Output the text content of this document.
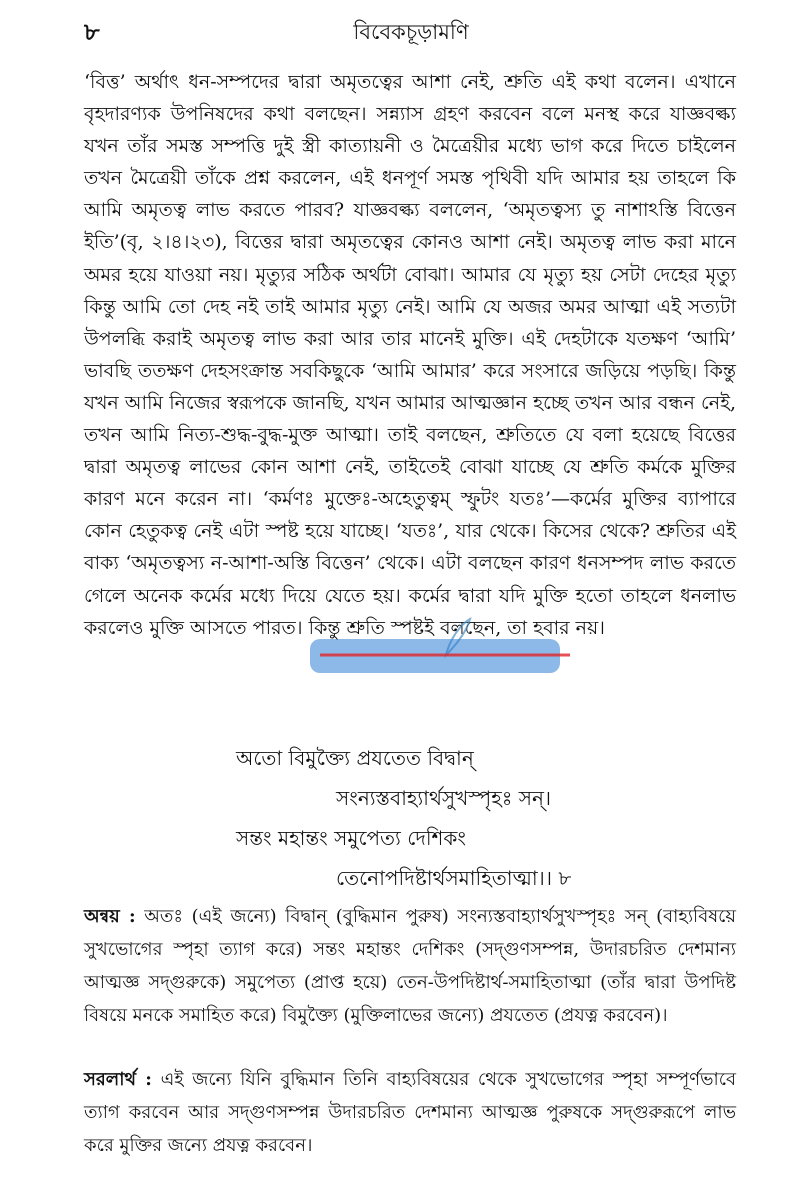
৮	বিবেকচূড়ামণি
‘বিত্ত’ অর্থাৎ ধন-সম্পদের দ্বারা অমৃতত্বের আশা নেই, শ্রুতি এই কথা বলেন। এখানে বৃহদারণ্যক উপনিষদের কথা বলছেন। সন্ন্যাস গ্রহণ করবেন বলে মনস্থ করে যাজ্ঞবল্ক্য যখন তাঁর সমস্ত সম্পত্তি দুই স্ত্রী কাত্যায়নী ও মৈত্রেয়ীর মধ্যে ভাগ করে দিতে চাইলেন তখন মৈত্রেয়ী তাঁকে প্রশ্ন করলেন, এই ধনপূর্ণ সমস্ত পৃথিবী যদি আমার হয় তাহলে কি আমি অমৃতত্ব লাভ করতে পারব? যাজ্ঞবল্ক্য বললেন, ‘অমৃতত্বস্য তু নাশাঽস্তি বিত্তেন ইতি’(বৃ, ২।৪।২৩), বিত্তের দ্বারা অমৃতত্বের কোনও আশা নেই। অমৃতত্ব লাভ করা মানে অমর হয়ে যাওয়া নয়। মৃত্যুর সঠিক অর্থটা বোঝা। আমার যে মৃত্যু হয় সেটা দেহের মৃত্যু কিন্তু আমি তো দেহ নই তাই আমার মৃত্যু নেই। আমি যে অজর অমর আত্মা এই সত্যটা উপলব্ধি করাই অমৃতত্ব লাভ করা আর তার মানেই মুক্তি। এই দেহটাকে যতক্ষণ ‘আমি’ ভাবছি ততক্ষণ দেহসংক্রান্ত সবকিছুকে ‘আমি আমার’ করে সংসারে জড়িয়ে পড়ছি। কিন্তু যখন আমি নিজের স্বরূপকে জানছি, যখন আমার আত্মজ্ঞান হচ্ছে তখন আর বন্ধন নেই, তখন আমি নিত্য-শুদ্ধ-বুদ্ধ-মুক্ত আত্মা। তাই বলছেন, শ্রুতিতে যে বলা হয়েছে বিত্তের দ্বারা অমৃতত্ব লাভের কোন আশা নেই, তাইতেই বোঝা যাচ্ছে যে শ্রুতি কর্মকে মুক্তির কারণ মনে করেন না। ‘কর্মণঃ মুক্তেঃ-অহেতুত্বম্ স্ফুটং যতঃ’—কর্মের মুক্তির ব্যাপারে কোন হেতুকত্ব নেই এটা স্পষ্ট হয়ে যাচ্ছে। ‘যতঃ’, যার থেকে। কিসের থেকে? শ্রুতির এই বাক্য ‘অমৃতত্বস্য ন-আশা-অস্তি বিত্তেন’ থেকে। এটা বলছেন কারণ ধনসম্পদ লাভ করতে গেলে অনেক কর্মের মধ্যে দিয়ে যেতে হয়। কর্মের দ্বারা যদি মুক্তি হতো তাহলে ধনলাভ করলেও মুক্তি আসতে পারত। কিন্তু শ্রুতি স্পষ্টই বলছেন, তা হবার নয়।
অতো বিমুক্ত্যৈ প্রযতেত বিদ্বান্
সংন্যস্তবাহ্যার্থসুখস্পৃহঃ সন্।
সন্তং মহান্তং সমুপেত্য দেশিকং
তেনোপদিষ্টার্থসমাহিতাত্মা।। ৮
অন্বয় : অতঃ (এই জন্যে) বিদ্বান্ (বুদ্ধিমান পুরুষ) সংন্যস্তবাহ্যার্থসুখস্পৃহঃ সন্ (বাহ্যবিষয়ে সুখভোগের স্পৃহা ত্যাগ করে) সন্তং মহান্তং দেশিকং (সদ্গুণসম্পন্ন, উদারচরিত দেশমান্য আত্মজ্ঞ সদ্গুরুকে) সমুপেত্য (প্রাপ্ত হয়ে) তেন-উপদিষ্টার্থ-সমাহিতাত্মা (তাঁর দ্বারা উপদিষ্ট বিষয়ে মনকে সমাহিত করে) বিমুক্ত্যৈ (মুক্তিলাভের জন্যে) প্রযতেত (প্রযত্ন করবেন)।
সরলার্থ : এই জন্যে যিনি বুদ্ধিমান তিনি বাহ্যবিষয়ের থেকে সুখভোগের স্পৃহা সম্পূর্ণভাবে ত্যাগ করবেন আর সদ্গুণসম্পন্ন উদারচরিত দেশমান্য আত্মজ্ঞ পুরুষকে সদ্গুরুরূপে লাভ করে মুক্তির জন্যে প্রযত্ন করবেন।
